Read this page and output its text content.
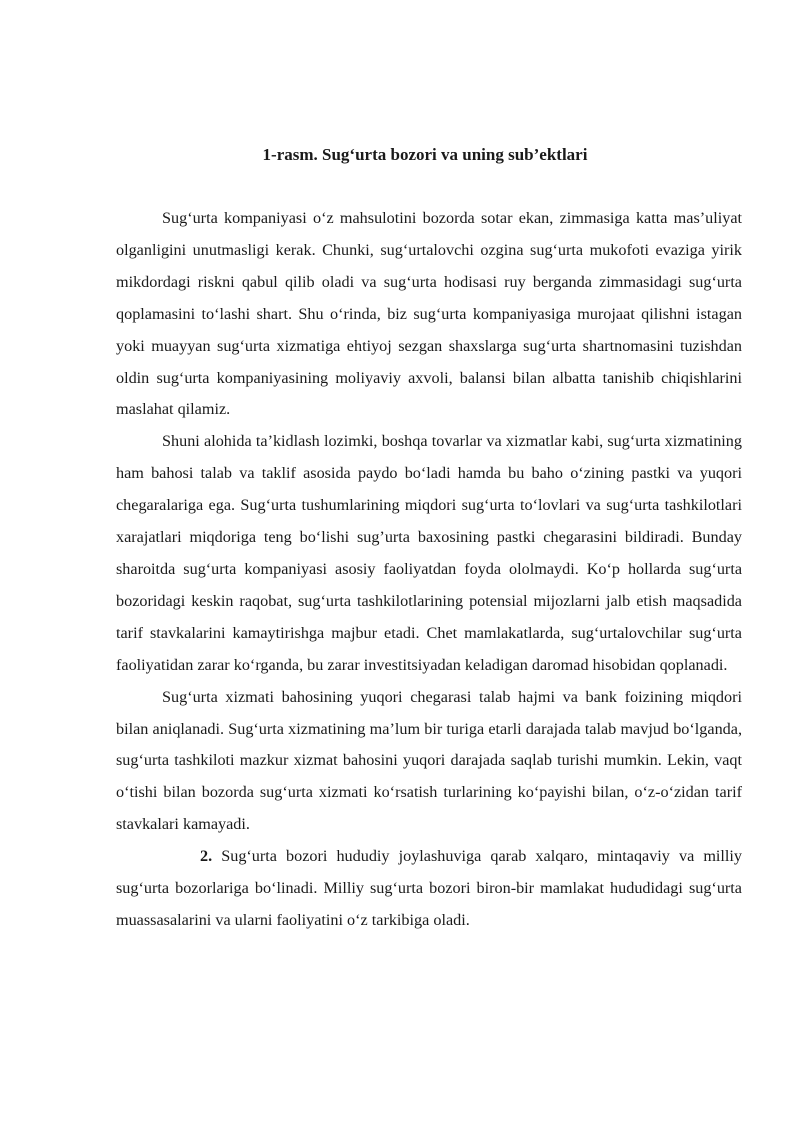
1-rasm. Sug‘urta bozori va uning sub’ektlari

Sug‘urta kompaniyasi o‘z mahsulotini bozorda sotar ekan, zimmasiga katta mas’uliyat olganligini unutmasligi kerak. Chunki, sug‘urtalovchi ozgina sug‘urta mukofoti evaziga yirik mikdordagi riskni qabul qilib oladi va sug‘urta hodisasi ruy berganda zimmasidagi sug‘urta qoplamasini to‘lashi shart. Shu o‘rinda, biz sug‘urta kompaniyasiga murojaat qilishni istagan yoki muayyan sug‘urta xizmatiga ehtiyoj sezgan shaxslarga sug‘urta shartnomasini tuzishdan oldin sug‘urta kompaniyasining moliyaviy axvoli, balansi bilan albatta tanishib chiqishlarini maslahat qilamiz.

Shuni alohida ta’kidlash lozimki, boshqa tovarlar va xizmatlar kabi, sug‘urta xizmatining ham bahosi talab va taklif asosida paydo bo‘ladi hamda bu baho o‘zining pastki va yuqori chegaralariga ega. Sug‘urta tushumlarining miqdori sug‘urta to‘lovlari va sug‘urta tashkilotlari xarajatlari miqdoriga teng bo‘lishi sug’urta baxosining pastki chegarasini bildiradi. Bunday sharoitda sug‘urta kompaniyasi asosiy faoliyatdan foyda ololmaydi. Ko‘p hollarda sug‘urta bozoridagi keskin raqobat, sug‘urta tashkilotlarining potensial mijozlarni jalb etish maqsadida tarif stavkalarini kamaytirishga majbur etadi. Chet mamlakatlarda, sug‘urtalovchilar sug‘urta faoliyatidan zarar ko‘rganda, bu zarar investitsiyadan keladigan daromad hisobidan qoplanadi.

Sug‘urta xizmati bahosining yuqori chegarasi talab hajmi va bank foizining miqdori bilan aniqlanadi. Sug‘urta xizmatining ma’lum bir turiga etarli darajada talab mavjud bo‘lganda, sug‘urta tashkiloti mazkur xizmat bahosini yuqori darajada saqlab turishi mumkin. Lekin, vaqt o‘tishi bilan bozorda sug‘urta xizmati ko‘rsatish turlarining ko‘payishi bilan, o‘z-o‘zidan tarif stavkalari kamayadi.

2. Sug‘urta bozori hududiy joylashuviga qarab xalqaro, mintaqaviy va milliy sug‘urta bozorlariga bo‘linadi. Milliy sug‘urta bozori biron-bir mamlakat hududidagi sug‘urta muassasalarini va ularni faoliyatini o‘z tarkibiga oladi.
